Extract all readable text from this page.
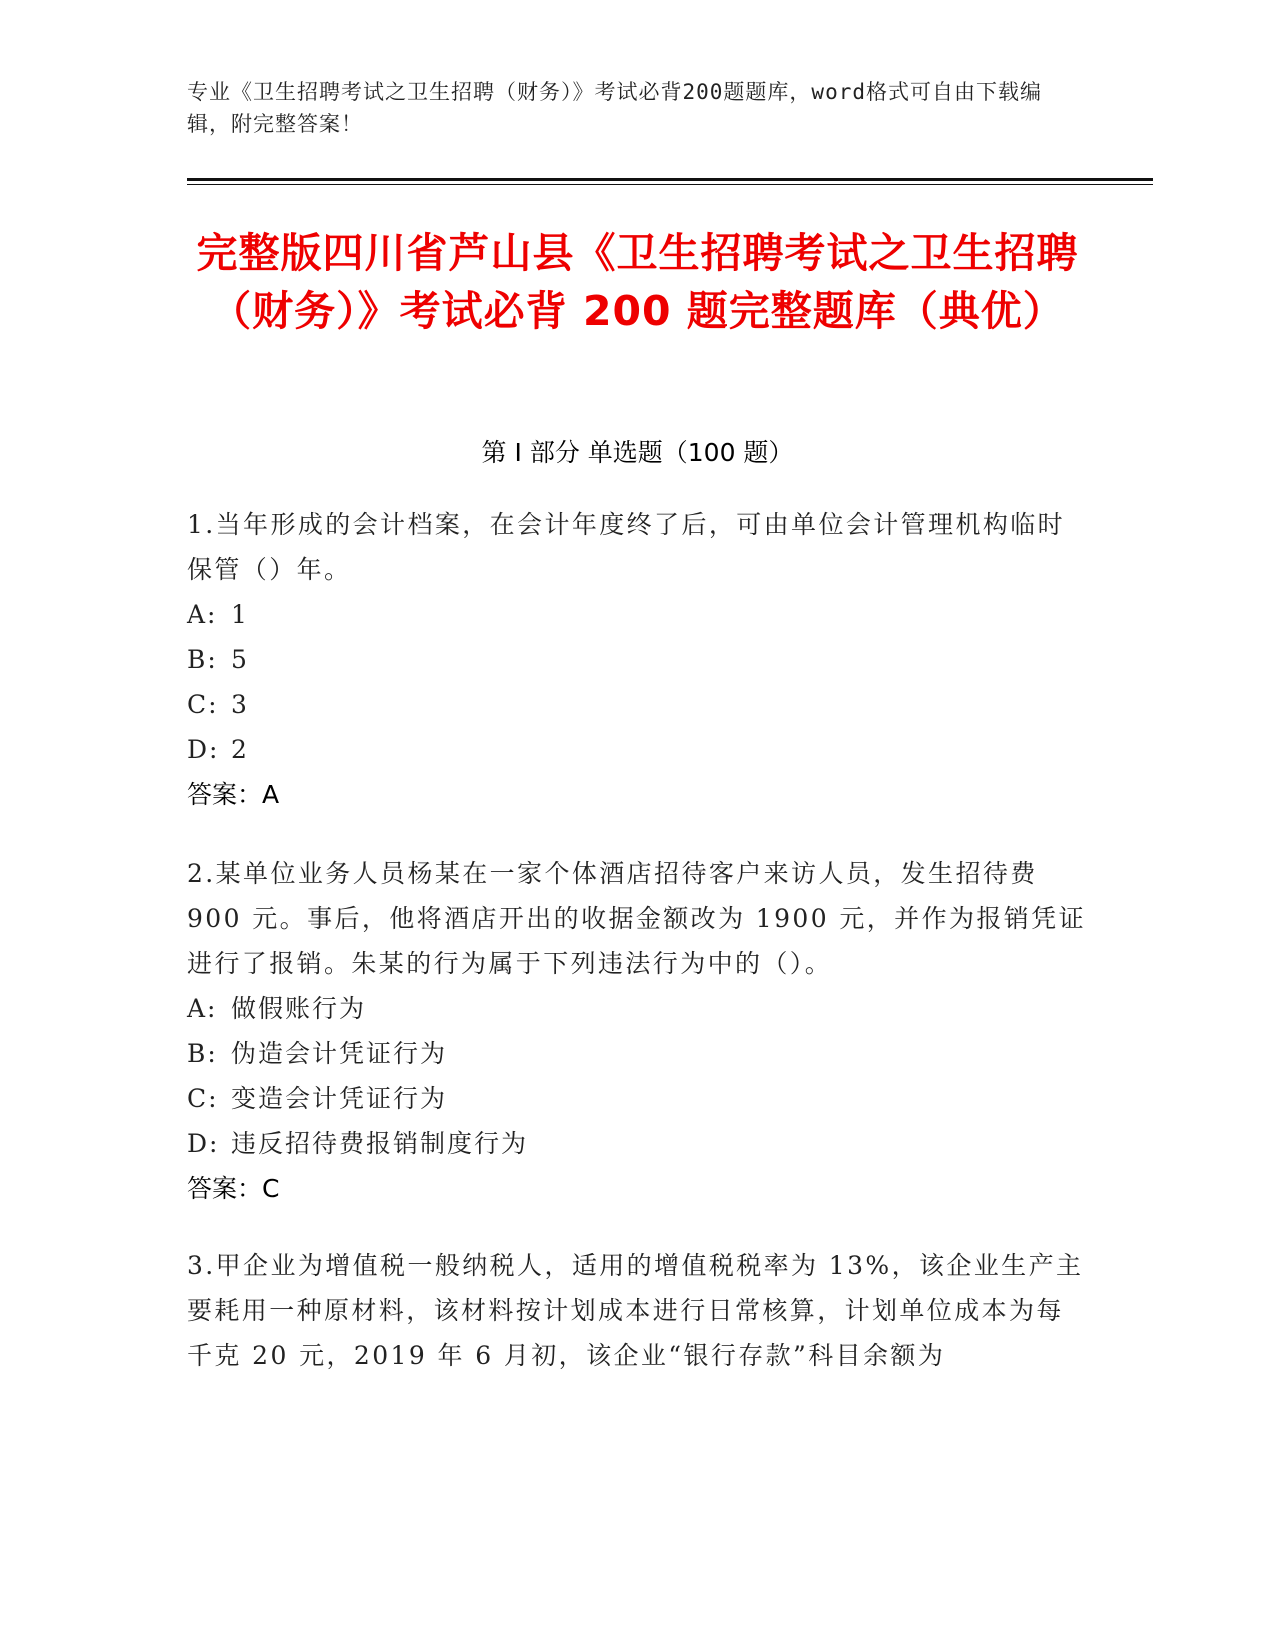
专业《卫生招聘考试之卫生招聘（财务）》考试必背200题题库，word格式可自由下载编辑，附完整答案！
完整版四川省芦山县《卫生招聘考试之卫生招聘（财务）》考试必背 200 题完整题库（典优）
第 I 部分 单选题（100 题）
1.当年形成的会计档案，在会计年度终了后，可由单位会计管理机构临时保管（）年。
A: 1
B: 5
C: 3
D: 2
答案：A
2.某单位业务人员杨某在一家个体酒店招待客户来访人员，发生招待费 900 元。事后，他将酒店开出的收据金额改为 1900 元，并作为报销凭证进行了报销。朱某的行为属于下列违法行为中的（）。
A: 做假账行为
B: 伪造会计凭证行为
C: 变造会计凭证行为
D: 违反招待费报销制度行为
答案：C
3.甲企业为增值税一般纳税人，适用的增值税税率为 13%，该企业生产主要耗用一种原材料，该材料按计划成本进行日常核算，计划单位成本为每千克 20 元，2019 年 6 月初，该企业“银行存款”科目余额为
